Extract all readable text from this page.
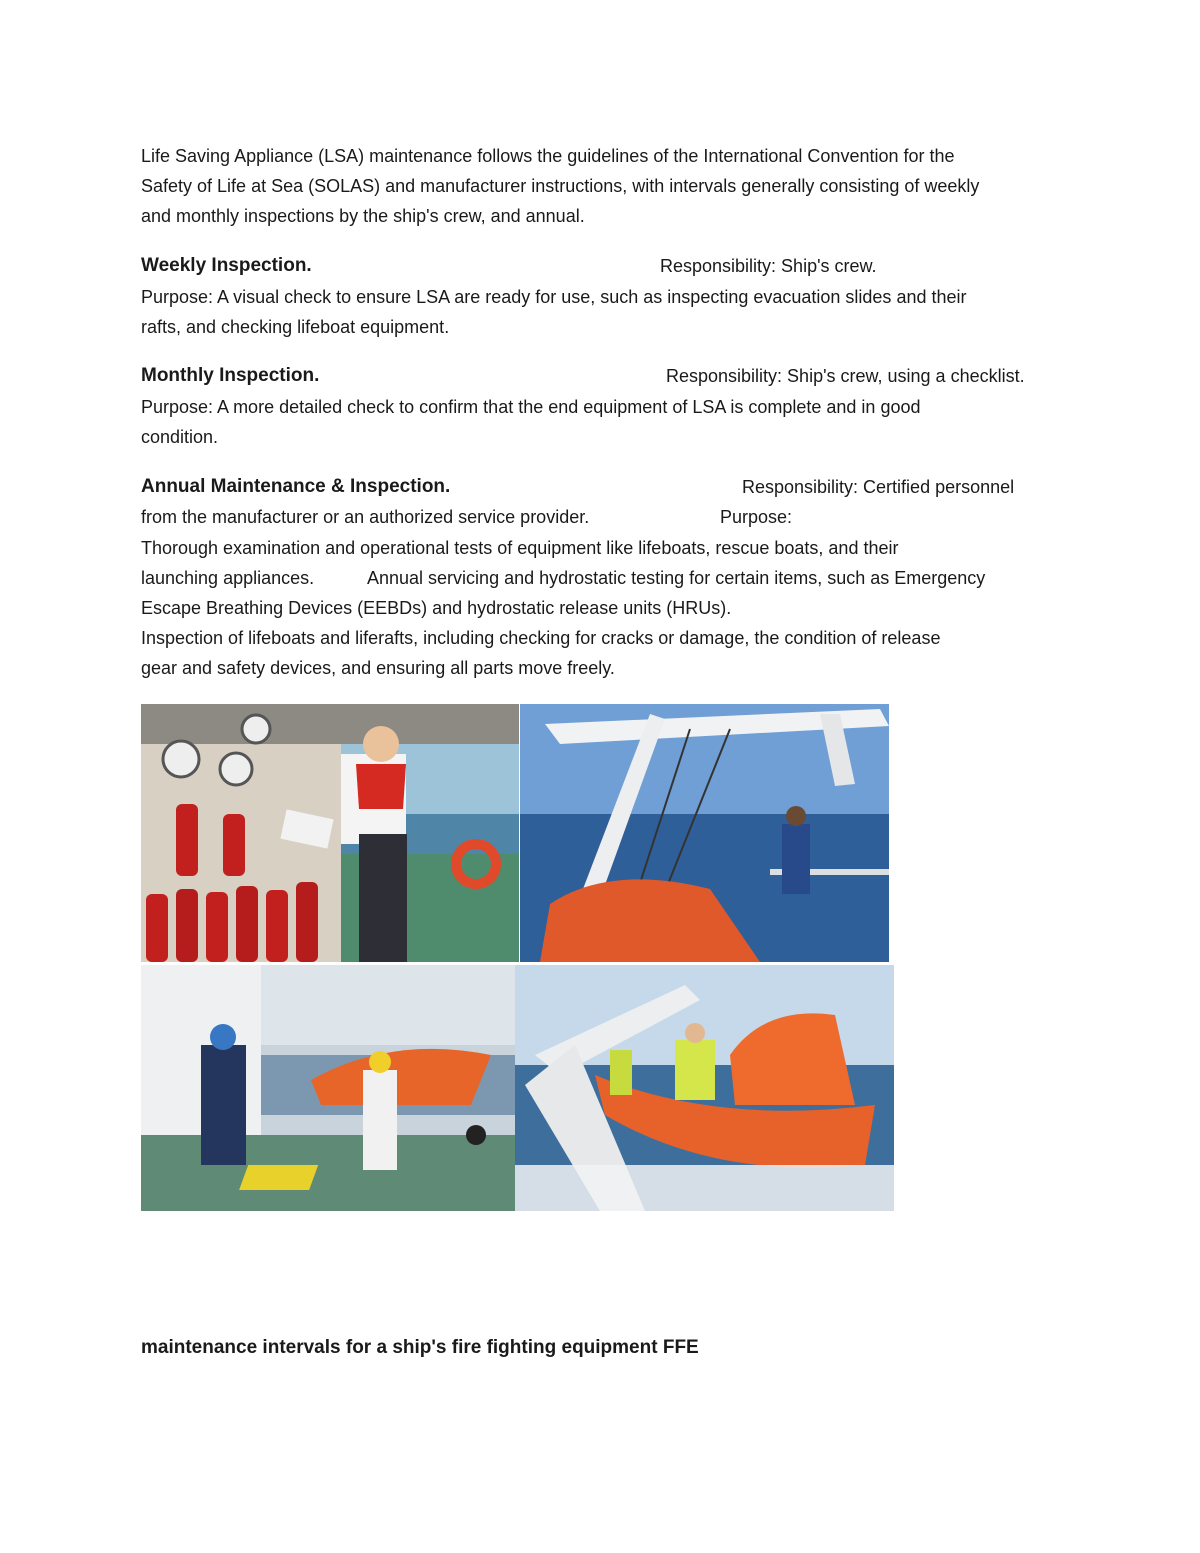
Life Saving Appliance (LSA) maintenance follows the guidelines of the International Convention for the
Safety of Life at Sea (SOLAS) and manufacturer instructions, with intervals generally consisting of weekly
and monthly inspections by the ship's crew, and annual.
Weekly Inspection.	Responsibility: Ship's crew.
Purpose: A visual check to ensure LSA are ready for use, such as inspecting evacuation slides and their
rafts, and checking lifeboat equipment.
Monthly Inspection.	Responsibility: Ship's crew, using a checklist.
Purpose: A more detailed check to confirm that the end equipment of LSA is complete and in good
condition.
Annual Maintenance & Inspection.	Responsibility: Certified personnel
from the manufacturer or an authorized service provider.	Purpose:
Thorough examination and operational tests of equipment like lifeboats, rescue boats, and their
launching appliances.	Annual servicing and hydrostatic testing for certain items, such as Emergency
Escape Breathing Devices (EEBDs) and hydrostatic release units (HRUs).
Inspection of lifeboats and liferafts, including checking for cracks or damage, the condition of release
gear and safety devices, and ensuring all parts move freely.
maintenance intervals for a ship's fire fighting equipment FFE
